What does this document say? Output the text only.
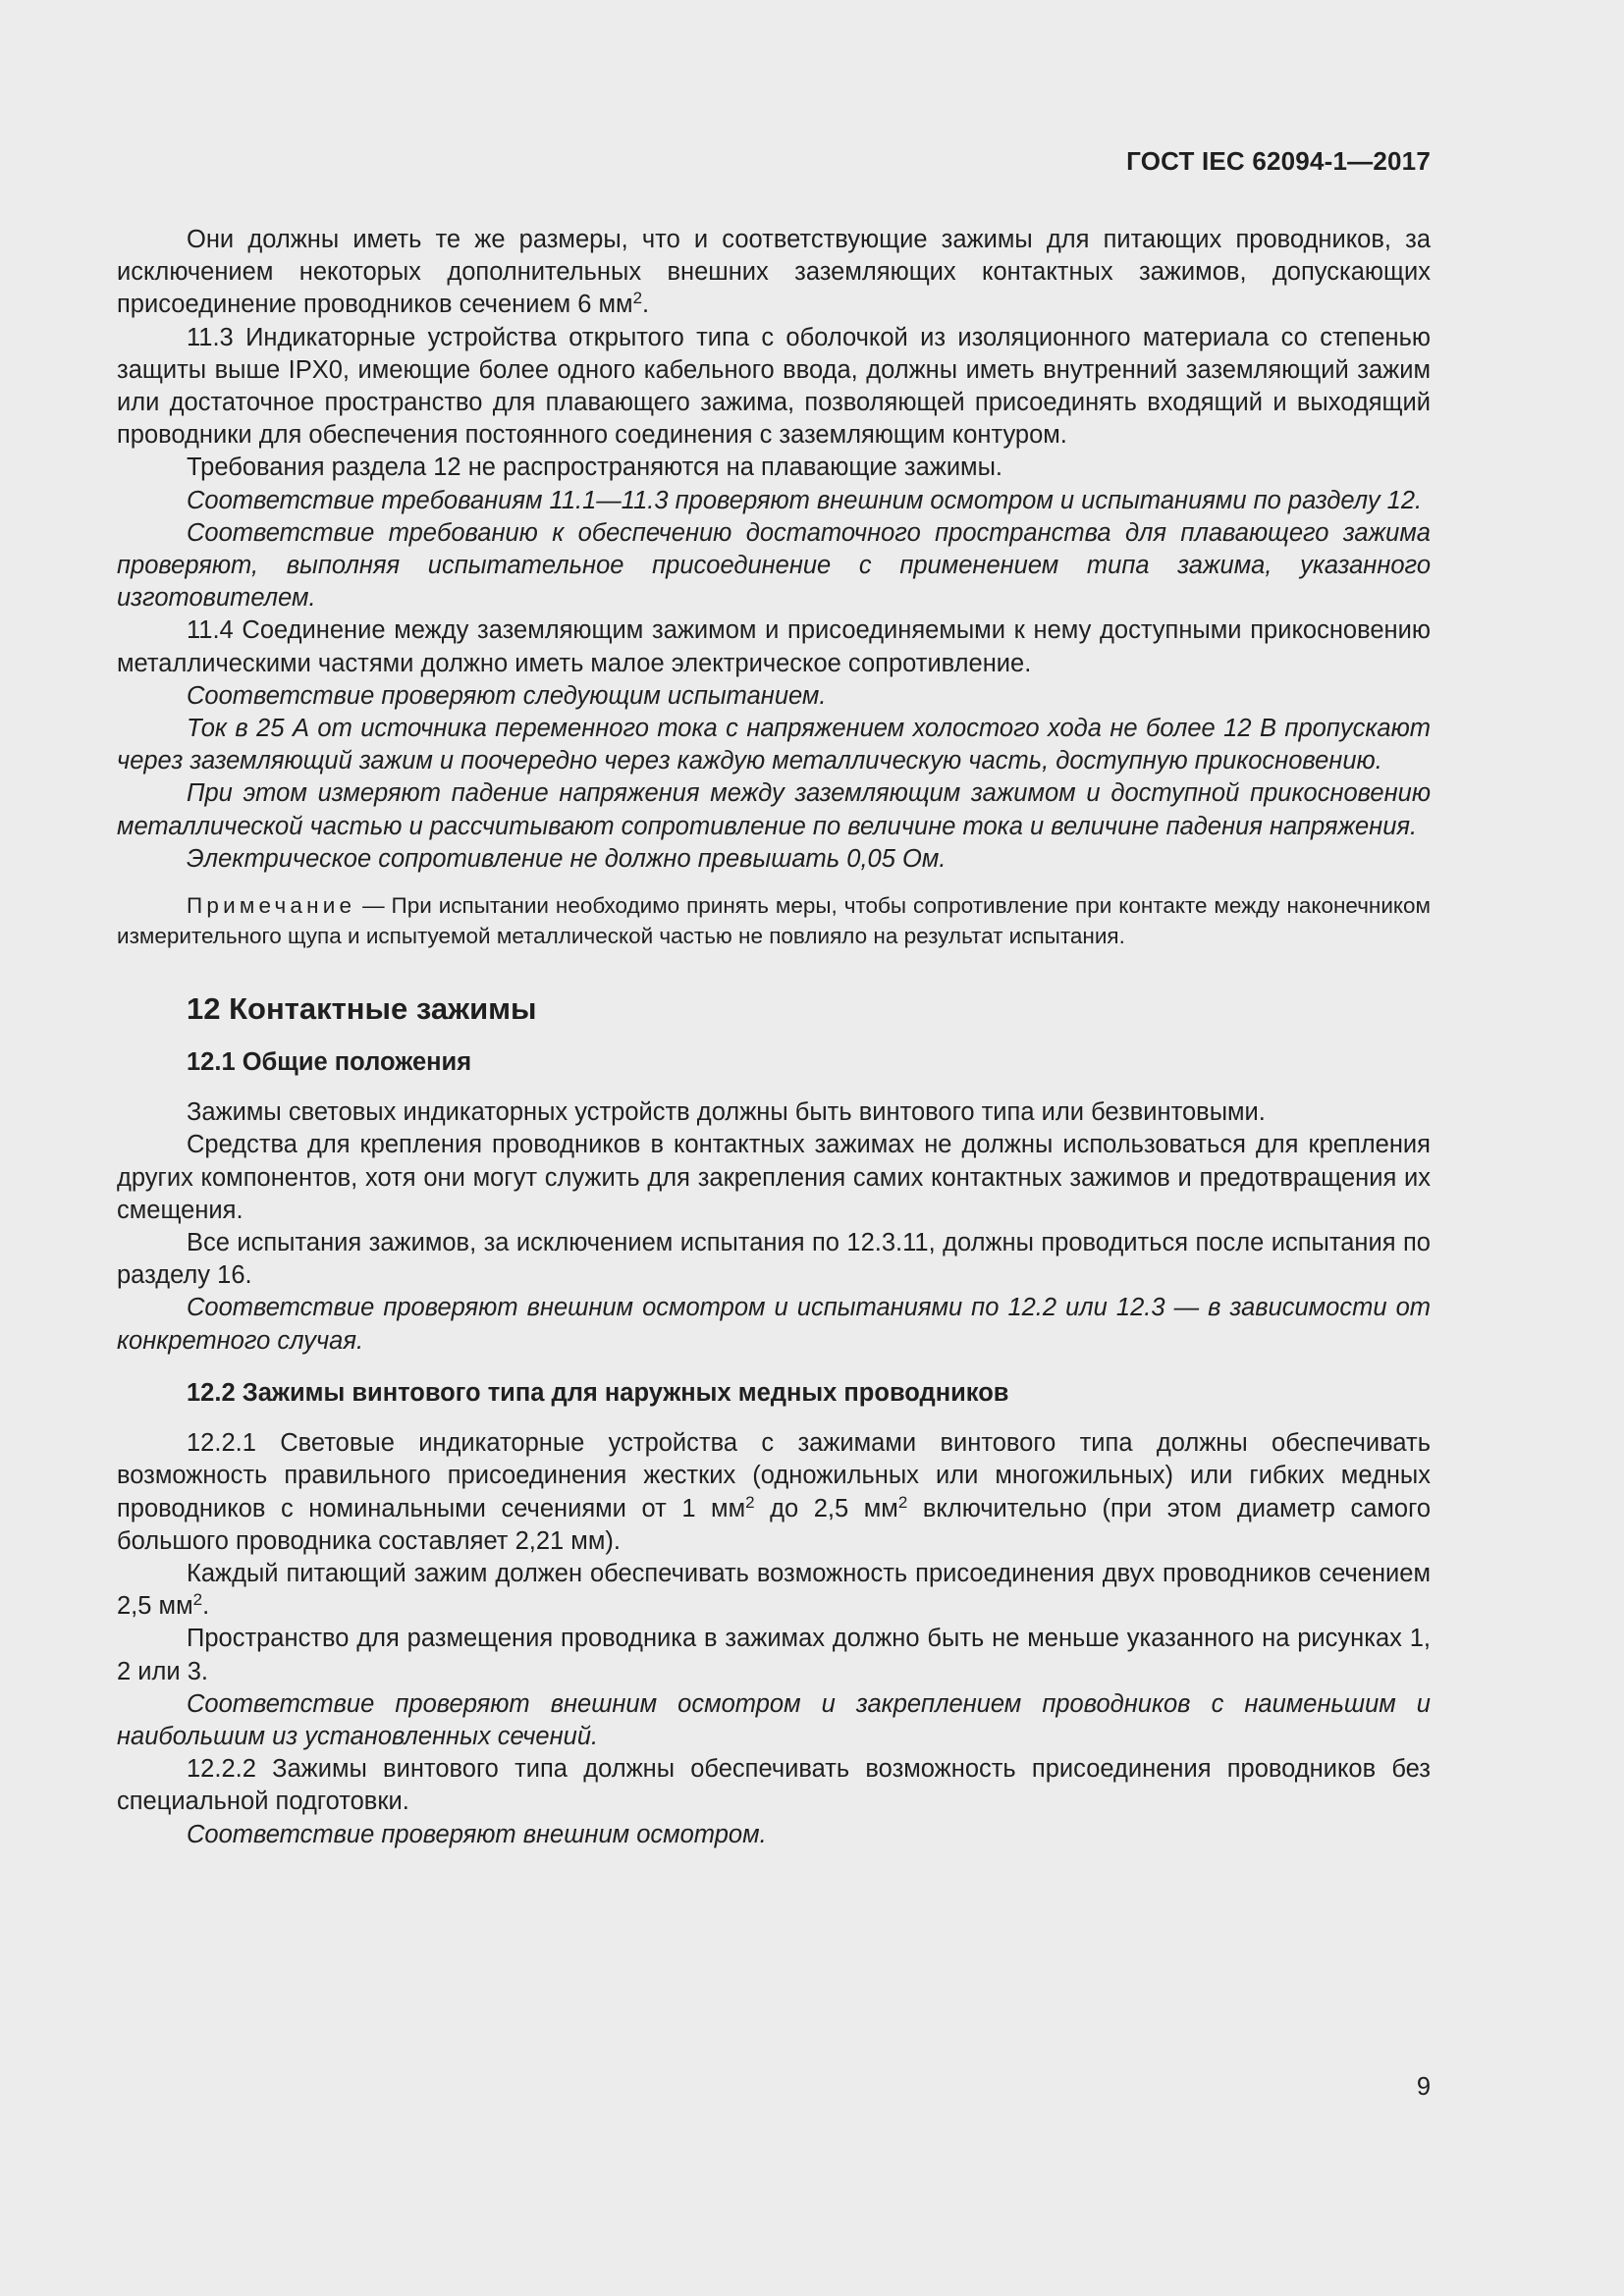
ГОСТ IEC 62094-1—2017

Они должны иметь те же размеры, что и соответствующие зажимы для питающих проводников, за исключением некоторых дополнительных внешних заземляющих контактных зажимов, допускающих присоединение проводников сечением 6 $мм^2$.

11.3 Индикаторные устройства открытого типа с оболочкой из изоляционного материала со степенью защиты выше IPX0, имеющие более одного кабельного ввода, должны иметь внутренний заземляющий зажим или достаточное пространство для плавающего зажима, позволяющей присоединять входящий и выходящий проводники для обеспечения постоянного соединения с заземляющим контуром.

Требования раздела 12 не распространяются на плавающие зажимы.

Соответствие требованиям 11.1—11.3 проверяют внешним осмотром и испытаниями по разделу 12.

Соответствие требованию к обеспечению достаточного пространства для плавающего зажима проверяют, выполняя испытательное присоединение с применением типа зажима, указанного изготовителем.

11.4 Соединение между заземляющим зажимом и присоединяемыми к нему доступными прикосновению металлическими частями должно иметь малое электрическое сопротивление.

Соответствие проверяют следующим испытанием.

Ток в 25 А от источника переменного тока с напряжением холостого хода не более 12 В пропускают через заземляющий зажим и поочередно через каждую металлическую часть, доступную прикосновению.

При этом измеряют падение напряжения между заземляющим зажимом и доступной прикосновению металлической частью и рассчитывают сопротивление по величине тока и величине падения напряжения.

Электрическое сопротивление не должно превышать 0,05 Ом.

Примечание — При испытании необходимо принять меры, чтобы сопротивление при контакте между наконечником измерительного щупа и испытуемой металлической частью не повлияло на результат испытания.

12 Контактные зажимы
12.1 Общие положения

Зажимы световых индикаторных устройств должны быть винтового типа или безвинтовыми.

Средства для крепления проводников в контактных зажимах не должны использоваться для крепления других компонентов, хотя они могут служить для закрепления самих контактных зажимов и предотвращения их смещения.

Все испытания зажимов, за исключением испытания по 12.3.11, должны проводиться после испытания по разделу 16.

Соответствие проверяют внешним осмотром и испытаниями по 12.2 или 12.3 — в зависимости от конкретного случая.

12.2 Зажимы винтового типа для наружных медных проводников

12.2.1 Световые индикаторные устройства с зажимами винтового типа должны обеспечивать возможность правильного присоединения жестких (одножильных или многожильных) или гибких медных проводников с номинальными сечениями от 1 $мм^2$ до 2,5 $мм^2$ включительно (при этом диаметр самого большого проводника составляет 2,21 мм).

Каждый питающий зажим должен обеспечивать возможность присоединения двух проводников сечением 2,5 $мм^2$.

Пространство для размещения проводника в зажимах должно быть не меньше указанного на рисунках 1, 2 или 3.

Соответствие проверяют внешним осмотром и закреплением проводников с наименьшим и наибольшим из установленных сечений.

12.2.2 Зажимы винтового типа должны обеспечивать возможность присоединения проводников без специальной подготовки.

Соответствие проверяют внешним осмотром.

9
